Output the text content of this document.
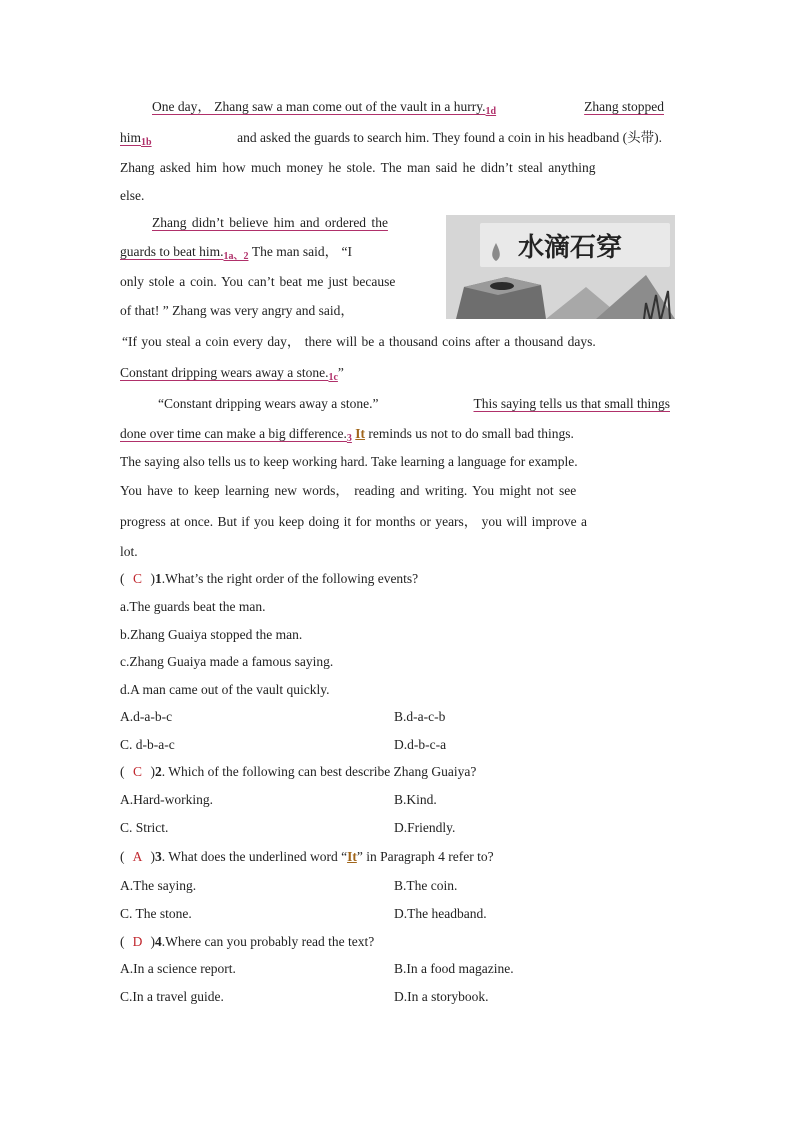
One day， Zhang saw a man come out of the vault in a $hurry._{1d}$	Zhang stopped
him$_{1b}$	and asked the guards to search him. They found a coin in his headband (头带).
Zhang asked him how much money he stole. The man said he didn’t steal anything
else.
Zhang didn’t believe him and ordered the
guards to beat $him._{1a、2}$ The man said， “I
only stole a coin. You can’t beat me just because
of that! ” Zhang was very angry and said，
“If you steal a coin every day， there will be a thousand coins after a thousand days.
Constant dripping wears away a $stone._{1c}$”
水滴石穿
“Constant dripping wears away a stone.”	This saying tells us that small things
done over time can make a big $difference._3$ It reminds us not to do small bad things.
The saying also tells us to keep working hard. Take learning a language for example.
You have to keep learning new words， reading and writing. You might not see
progress at once. But if you keep doing it for months or years， you will improve a
lot.
( C )1.What’s the right order of the following events?
a.The guards beat the man.
b.Zhang Guaiya stopped the man.
c.Zhang Guaiya made a famous saying.
d.A man came out of the vault quickly.
A.d-a-b-c	B.d-a-c-b
C. d-b-a-c	D.d-b-c-a
( C )2. Which of the following can best describe Zhang Guaiya?
A.Hard-working.	B.Kind.
C. Strict.	D.Friendly.
( A )3. What does the underlined word “It” in Paragraph 4 refer to?
A.The saying.	B.The coin.
C. The stone.	D.The headband.
( D )4.Where can you probably read the text?
A.In a science report.	B.In a food magazine.
C.In a travel guide.	D.In a storybook.
